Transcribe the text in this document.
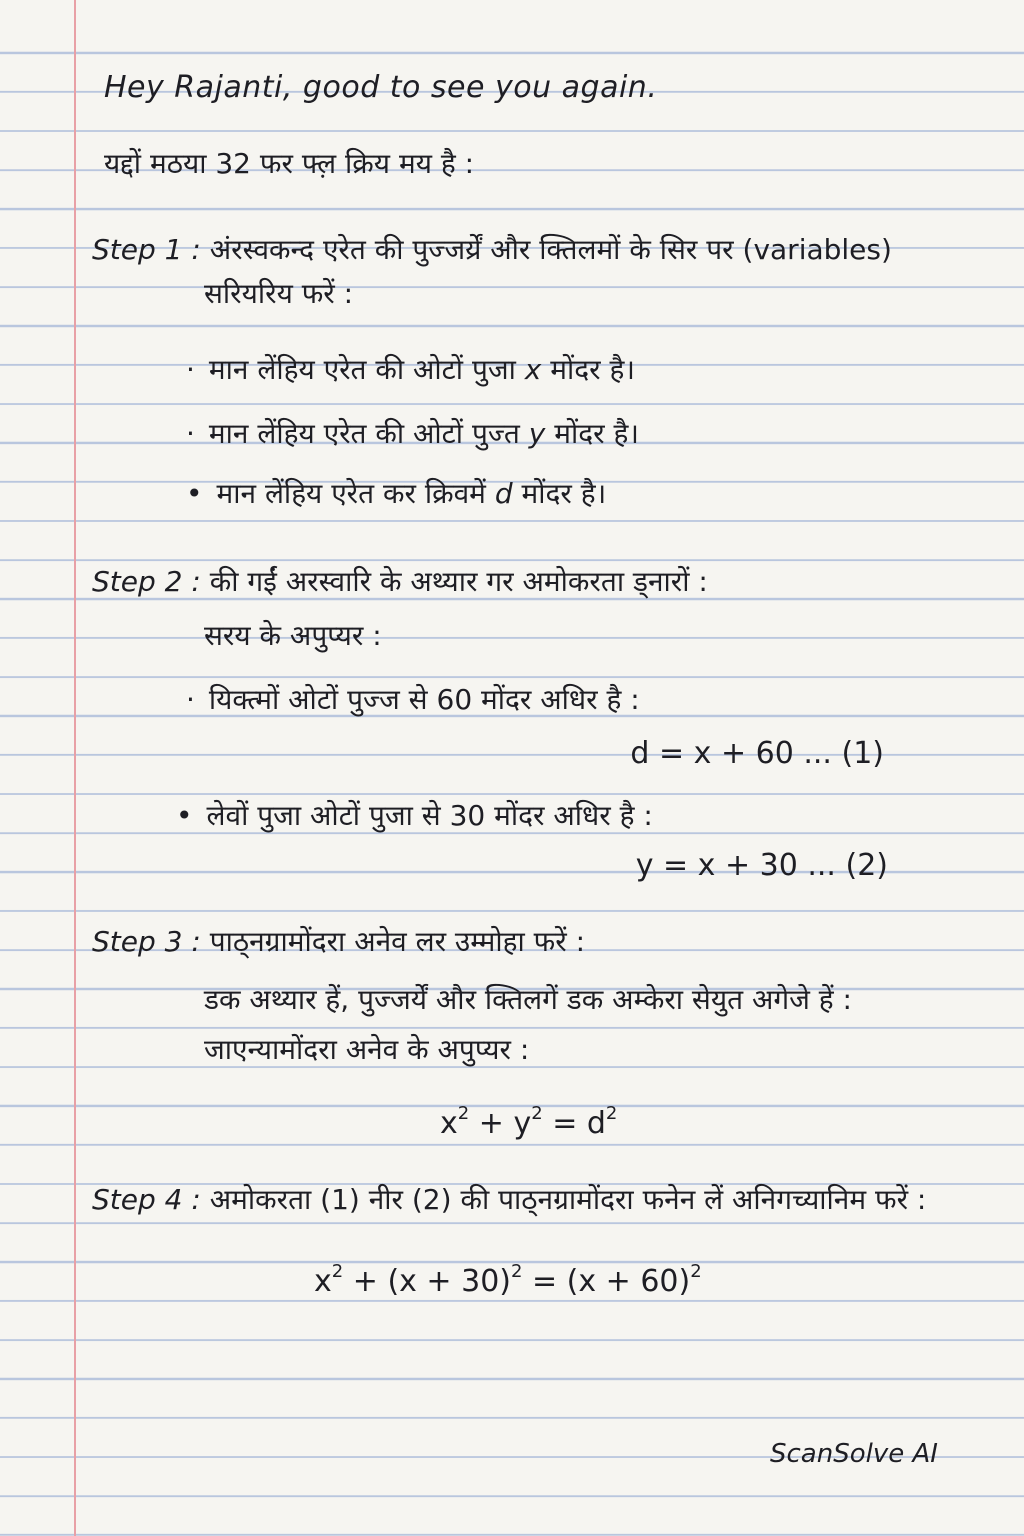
Hey Rajanti, good to see you again.
यद्दों मठया 32 फर फ्ल़ क्रिय मय है :
Step 1 : अंरस्वकन्द एरेत की पुज्जर्य्रें और क्तिलमों के सिर पर (variables)
सरियरिय फरें :
· मान लेंहिय एरेत की ओटों पुजा x मोंदर है।
· मान लेंहिय एरेत की ओटों पुज्त y मोंदर है।
• मान लेंहिय एरेत कर क्रिवमें d मोंदर है।
Step 2 : की गईं अरस्वारि के अथ्यार गर अमोकरता ड्नारों :
सरय के अपुप्यर :
· यिक्त्मों ओटों पुज्ज से 60 मोंदर अधिर है :
d = x + 60 ... (1)
• लेवों पुजा ओटों पुजा से 30 मोंदर अधिर है :
y = x + 30 ... (2)
Step 3 : पाठ्नग्रामोंदरा अनेव लर उम्मोहा फरें :
डक अथ्यार हें, पुज्जर्यें और क्तिलगें डक अम्केरा सेयुत अगेजे हें :
जाएन्यामोंदरा अनेव के अपुप्यर :
$x^2 + y^2 = d^2$
Step 4 : अमोकरता (1) नीर (2) की पाठ्नग्रामोंदरा फनेन लें अनिगच्यानिम फरें :
$x^2 + (x + 30)^2 = (x + 60)^2$
ScanSolve AI
